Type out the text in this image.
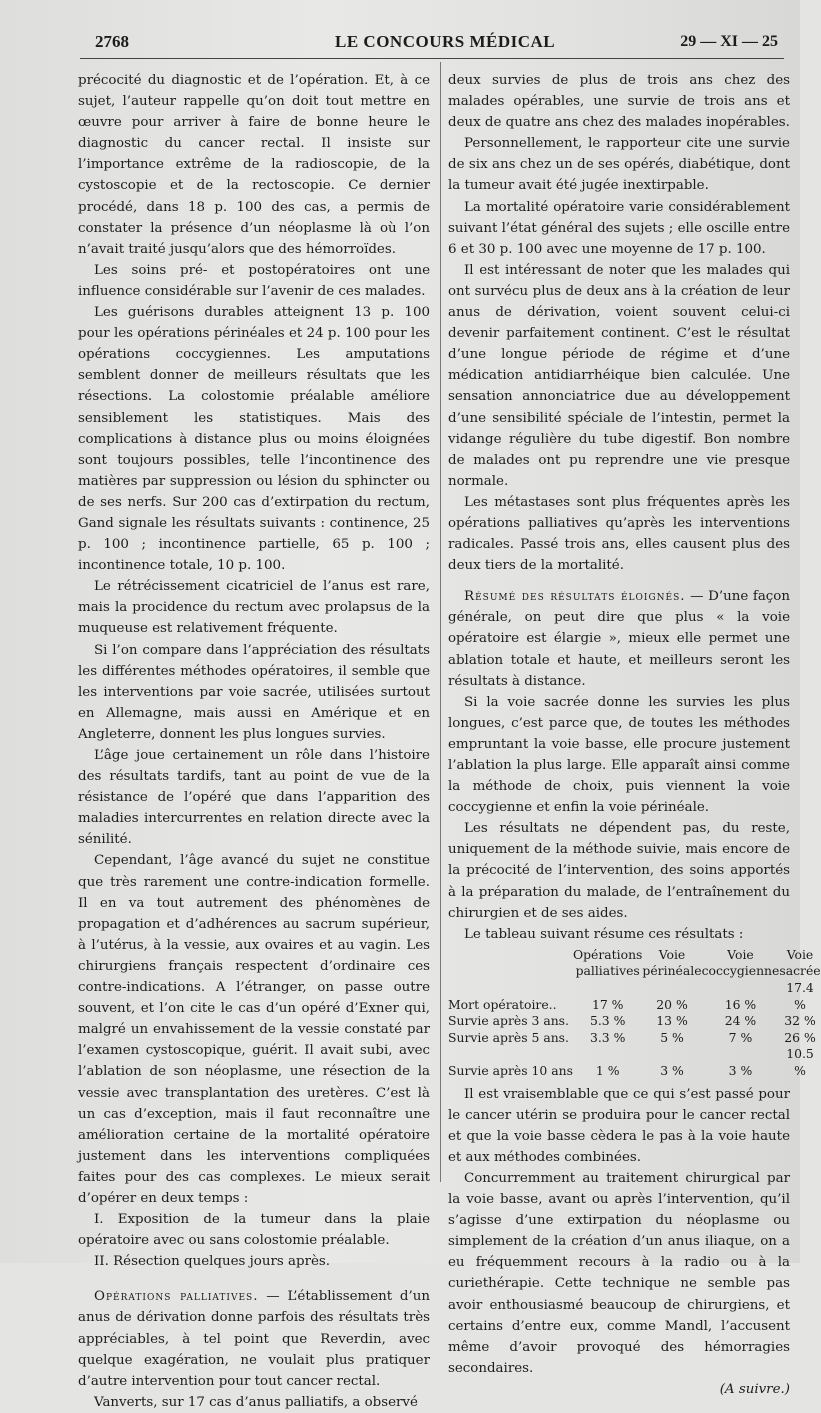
2768	LE CONCOURS MÉDICAL	29 — XI — 25

précocité du diagnostic et de l’opération. Et, à ce sujet, l’auteur rappelle qu’on doit tout mettre en œuvre pour arriver à faire de bonne heure le diagnostic du cancer rectal. Il insiste sur l’importance extrême de la radioscopie, de la cystoscopie et de la rectoscopie. Ce dernier procédé, dans 18 p. 100 des cas, a permis de constater la présence d’un néoplasme là où l’on n’avait traité jusqu’alors que des hémorroïdes.

Les soins pré- et postopératoires ont une influence considérable sur l’avenir de ces malades.

Les guérisons durables atteignent 13 p. 100 pour les opérations périnéales et 24 p. 100 pour les opérations coccygiennes. Les amputations semblent donner de meilleurs résultats que les résections. La colostomie préalable améliore sensiblement les statistiques. Mais des complications à distance plus ou moins éloignées sont toujours possibles, telle l’incontinence des matières par suppression ou lésion du sphincter ou de ses nerfs. Sur 200 cas d’extirpation du rectum, Gand signale les résultats suivants : continence, 25 p. 100 ; incontinence partielle, 65 p. 100 ; incontinence totale, 10 p. 100.

Le rétrécissement cicatriciel de l’anus est rare, mais la procidence du rectum avec prolapsus de la muqueuse est relativement fréquente.

Si l’on compare dans l’appréciation des résultats les différentes méthodes opératoires, il semble que les interventions par voie sacrée, utilisées surtout en Allemagne, mais aussi en Amérique et en Angleterre, donnent les plus longues survies.

L’âge joue certainement un rôle dans l’histoire des résultats tardifs, tant au point de vue de la résistance de l’opéré que dans l’apparition des maladies intercurrentes en relation directe avec la sénilité.

Cependant, l’âge avancé du sujet ne constitue que très rarement une contre-indication formelle. Il en va tout autrement des phénomènes de propagation et d’adhérences au sacrum supérieur, à l’utérus, à la vessie, aux ovaires et au vagin. Les chirurgiens français respectent d’ordinaire ces contre-indications. A l’étranger, on passe outre souvent, et l’on cite le cas d’un opéré d’Exner qui, malgré un envahissement de la vessie constaté par l’examen cystoscopique, guérit. Il avait subi, avec l’ablation de son néoplasme, une résection de la vessie avec transplantation des uretères. C’est là un cas d’exception, mais il faut reconnaître une amélioration certaine de la mortalité opératoire justement dans les interventions compliquées faites pour des cas complexes. Le mieux serait d’opérer en deux temps :

I. Exposition de la tumeur dans la plaie opératoire avec ou sans colostomie préalable.

II. Résection quelques jours après.

Opérations palliatives. — L’établissement d’un anus de dérivation donne parfois des résultats très appréciables, à tel point que Reverdin, avec quelque exagération, ne voulait plus pratiquer d’autre intervention pour tout cancer rectal.

Vanverts, sur 17 cas d’anus palliatifs, a observé

deux survies de plus de trois ans chez des malades opérables, une survie de trois ans et deux de quatre ans chez des malades inopérables.

Personnellement, le rapporteur cite une survie de six ans chez un de ses opérés, diabétique, dont la tumeur avait été jugée inextirpable.

La mortalité opératoire varie considérablement suivant l’état général des sujets ; elle oscille entre 6 et 30 p. 100 avec une moyenne de 17 p. 100.

Il est intéressant de noter que les malades qui ont survécu plus de deux ans à la création de leur anus de dérivation, voient souvent celui-ci devenir parfaitement continent. C’est le résultat d’une longue période de régime et d’une médication antidiarrhéique bien calculée. Une sensation annonciatrice due au développement d’une sensibilité spéciale de l’intestin, permet la vidange régulière du tube digestif. Bon nombre de malades ont pu reprendre une vie presque normale.

Les métastases sont plus fréquentes après les opérations palliatives qu’après les interventions radicales. Passé trois ans, elles causent plus des deux tiers de la mortalité.

Résumé des résultats éloignés. — D’une façon générale, on peut dire que plus « la voie opératoire est élargie », mieux elle permet une ablation totale et haute, et meilleurs seront les résultats à distance.

Si la voie sacrée donne les survies les plus longues, c’est parce que, de toutes les méthodes empruntant la voie basse, elle procure justement l’ablation la plus large. Elle apparaît ainsi comme la méthode de choix, puis viennent la voie coccygienne et enfin la voie périnéale.

Les résultats ne dépendent pas, du reste, uniquement de la méthode suivie, mais encore de la précocité de l’intervention, des soins apportés à la préparation du malade, de l’entraînement du chirurgien et de ses aides.

Le tableau suivant résume ces résultats :

	Opérations palliatives	Voie périnéale	Voie coccygienne	Voie sacrée
Mort opératoire..	17 %	20 %	16 %	17.4 %
Survie après 3 ans.	5.3 %	13 %	24 %	32 %
Survie après 5 ans.	3.3 %	5 %	7 %	26 %
Survie après 10 ans	1 %	3 %	3 %	10.5 %

Il est vraisemblable que ce qui s’est passé pour le cancer utérin se produira pour le cancer rectal et que la voie basse cèdera le pas à la voie haute et aux méthodes combinées.

Concurremment au traitement chirurgical par la voie basse, avant ou après l’intervention, qu’il s’agisse d’une extirpation du néoplasme ou simplement de la création d’un anus iliaque, on a eu fréquemment recours à la radio ou à la curiethérapie. Cette technique ne semble pas avoir enthousiasmé beaucoup de chirurgiens, et certains d’entre eux, comme Mandl, l’accusent même d’avoir provoqué des hémorragies secondaires.

(A suivre.)
